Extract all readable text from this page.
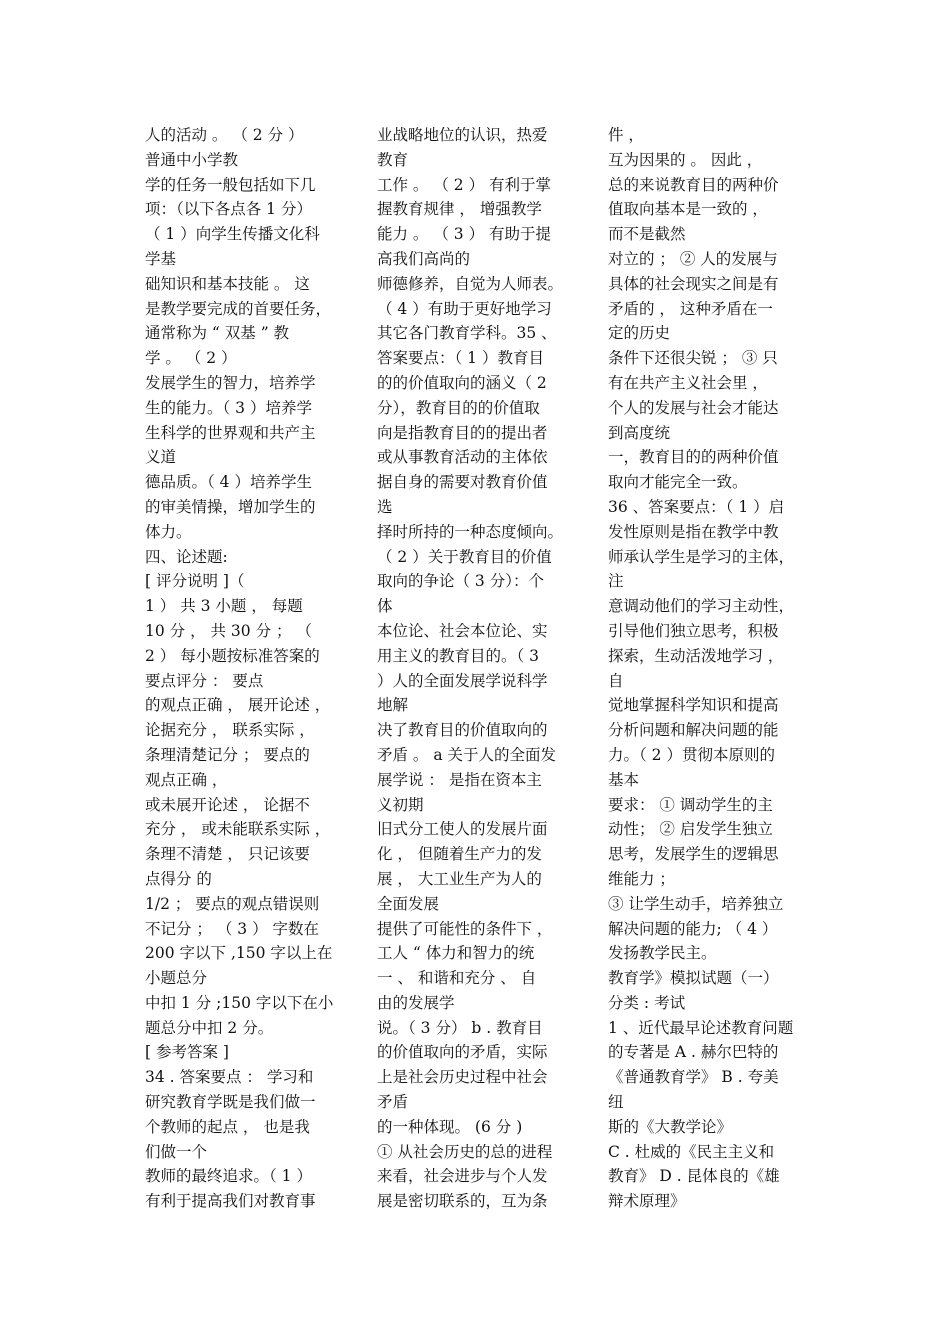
人的活动 。 （ 2 分 ）
普通中小学教
学的任务一般包括如下几
项：（以下各点各 1 分）
（ 1 ）向学生传播文化科
学基
础知识和基本技能 。 这
是教学要完成的首要任务，
通常称为 “ 双基 ” 教
学 。 （ 2 ）
发展学生的智力，培养学
生的能力。（ 3 ）培养学
生科学的世界观和共产主
义道
德品质。（ 4 ）培养学生
的审美情操，增加学生的
体力。
四、论述题:
[ 评分说明 ]（
1 ） 共 3 小题 ， 每题
10 分 ， 共 30 分 ； （
2 ） 每小题按标准答案的
要点评分 ： 要点
的观点正确 ， 展开论述 ，
论据充分 ， 联系实际 ，
条理清楚记分 ； 要点的
观点正确 ，
或未展开论述 ， 论据不
充分 ， 或未能联系实际 ，
条理不清楚 ， 只记该要
点得分 的
1/2 ； 要点的观点错误则
不记分 ； （ 3 ） 字数在
200 字以下 ,150 字以上在
小题总分
中扣 1 分 ;150 字以下在小
题总分中扣 2 分。
[ 参考答案 ]
34 . 答案要点 ： 学习和
研究教育学既是我们做一
个教师的起点 ， 也是我
们做一个
教师的最终追求。（ 1 ）
有利于提高我们对教育事
业战略地位的认识，热爱
教育
工作 。 （ 2 ） 有利于掌
握教育规律 ， 增强教学
能力 。 （ 3 ） 有助于提
高我们高尚的
师德修养，自觉为人师表。
（ 4 ）有助于更好地学习
其它各门教育学科。35 、
答案要点：（ 1 ）教育目
的的价值取向的涵义（ 2
分），教育目的的价值取
向是指教育目的的提出者
或从事教育活动的主体依
据自身的需要对教育价值
选
择时所持的一种态度倾向。
（ 2 ）关于教育目的价值
取向的争论（ 3 分）：个
体
本位论、社会本位论、实
用主义的教育目的。（ 3
）人的全面发展学说科学
地解
决了教育目的价值取向的
矛盾 。 a 关于人的全面发
展学说 ： 是指在资本主
义初期
旧式分工使人的发展片面
化 ， 但随着生产力的发
展 ， 大工业生产为人的
全面发展
提供了可能性的条件下 ，
工人 “ 体力和智力的统
一 、 和谐和充分 、 自
由的发展学
说。（ 3 分） b . 教育目
的价值取向的矛盾，实际
上是社会历史过程中社会
矛盾
的一种体现。 (6 分 )
① 从社会历史的总的进程
来看，社会进步与个人发
展是密切联系的，互为条
件 ，
互为因果的 。 因此 ，
总的来说教育目的两种价
值取向基本是一致的 ，
而不是截然
对立的 ； ② 人的发展与
具体的社会现实之间是有
矛盾的 ， 这种矛盾在一
定的历史
条件下还很尖锐 ； ③ 只
有在共产主义社会里 ，
个人的发展与社会才能达
到高度统
一，教育目的的两种价值
取向才能完全一致。
36 、答案要点：（ 1 ）启
发性原则是指在教学中教
师承认学生是学习的主体，
注
意调动他们的学习主动性，
引导他们独立思考，积极
探索，生动活泼地学习 ，
自
觉地掌握科学知识和提高
分析问题和解决问题的能
力。（ 2 ）贯彻本原则的
基本
要求： ① 调动学生的主
动性； ② 启发学生独立
思考，发展学生的逻辑思
维能力 ；
③ 让学生动手，培养独立
解决问题的能力; （ 4 ）
发扬教学民主。
教育学》模拟试题（一）
分类 : 考试
1 、近代最早论述教育问题
的专著是 A . 赫尔巴特的
《普通教育学》 B . 夸美
纽
斯的《大教学论》
C . 杜威的《民主主义和
教育》 D . 昆体良的《雄
辩术原理》
